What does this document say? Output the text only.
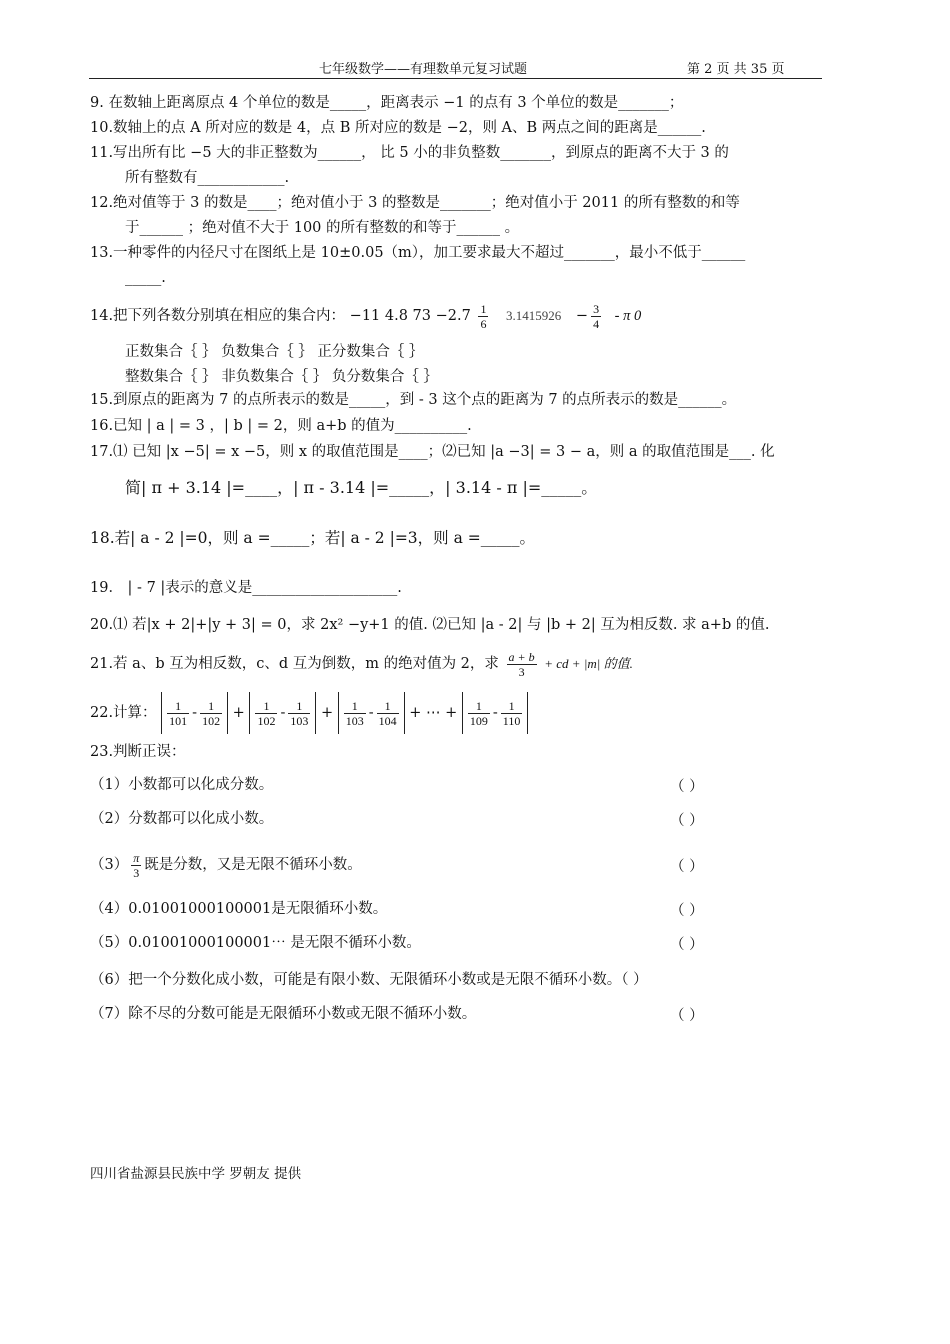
七年级数学——有理数单元复习试题	第 2 页 共 35 页
9. 在数轴上距离原点 4 个单位的数是_____，距离表示 −1 的点有 3 个单位的数是_______；
10.数轴上的点 A 所对应的数是 4，点 B 所对应的数是 −2，则 A、B 两点之间的距离是______.
11.写出所有比 −5 大的非正整数为______， 比 5 小的非负整数_______，到原点的距离不大于 3 的
所有整数有____________.
12.绝对值等于 3 的数是____；绝对值小于 3 的整数是_______；绝对值小于 2011 的所有整数的和等
于______ ；绝对值不大于 100 的所有整数的和等于______ 。
13.一种零件的内径尺寸在图纸上是 10±0.05（m），加工要求最大不超过_______，最小不低于______
_____.
14.把下列各数分别填在相应的集合内： −11 4.8 $73 -2.7 \frac{1}{6} 3.1415926 - \frac{3}{4} - \pi$ 0
正数集合｛ ｝ 负数集合｛ ｝ 正分数集合｛ ｝
整数集合｛ ｝ 非负数集合｛ ｝ 负分数集合｛ ｝
15.到原点的距离为 7 的点所表示的数是_____，到 - 3 这个点的距离为 7 的点所表示的数是______。
16.已知 | a | = 3 ，| b | = 2，则 a+b 的值为__________.
17.⑴ 已知 |x −5| = x −5，则 x 的取值范围是____；⑵已知 |a −3| = 3 − a，则 a 的取值范围是___. 化
简| π + 3.14 |=____，| π - 3.14 |=_____，| 3.14 - π |=_____。
18.若| a - 2 |=0，则 a =_____；若| a - 2 |=3，则 a =_____。
19． | - 7 |表示的意义是____________________.
20.⑴ 若|x + 2|+|y + 3| = 0，求 2x² −y+1 的值. ⑵已知 |a - 2| 与 |b + 2| 互为相反数. 求 a+b 的值.
21.若 a、b 互为相反数，c、d 互为倒数，m 的绝对值为 2，求 $\frac{a + b}{3}$ + cd + |m| 的值.
22.计算： $\frac{1}{101} - \frac{1}{102} + \frac{1}{102} - \frac{1}{103} + \frac{1}{103} - \frac{1}{104}$ + ⋯ + $\frac{1}{109} - \frac{1}{110}$
23.判断正误：
（1）小数都可以化成分数。	（ ）
（2）分数都可以化成小数。	（ ）
$(3) \frac{\pi}{3}$ 既是分数，又是无限不循环小数。	（ ）
（4）0.01001000100001是无限循环小数。	（ ）
（5）0.01001000100001⋯ 是无限不循环小数。	（ ）
（6）把一个分数化成小数，可能是有限小数、无限循环小数或是无限不循环小数。（ ）
（7）除不尽的分数可能是无限循环小数或无限不循环小数。	（ ）
四川省盐源县民族中学 罗朝友 提供
